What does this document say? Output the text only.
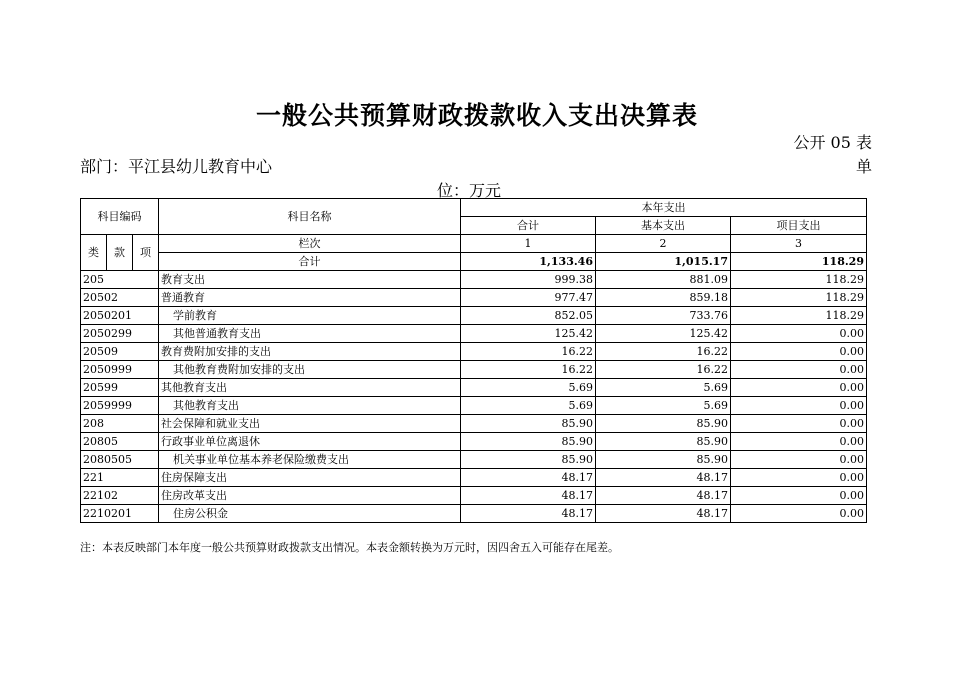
一般公共预算财政拨款收入支出决算表
公开 05 表
部门：平江县幼儿教育中心	单
位：万元
科目编码			科目名称	本年支出		
				合计	基本支出	项目支出
类	款	项	栏次	1	2	3
			合计	1,133.46	1,015.17	118.29
205			教育支出	999.38	881.09	118.29
20502			普通教育	977.47	859.18	118.29
2050201			学前教育	852.05	733.76	118.29
2050299			其他普通教育支出	125.42	125.42	0.00
20509			教育费附加安排的支出	16.22	16.22	0.00
2050999			其他教育费附加安排的支出	16.22	16.22	0.00
20599			其他教育支出	5.69	5.69	0.00
2059999			其他教育支出	5.69	5.69	0.00
208			社会保障和就业支出	85.90	85.90	0.00
20805			行政事业单位离退休	85.90	85.90	0.00
2080505			机关事业单位基本养老保险缴费支出	85.90	85.90	0.00
221			住房保障支出	48.17	48.17	0.00
22102			住房改革支出	48.17	48.17	0.00
2210201			住房公积金	48.17	48.17	0.00
注：本表反映部门本年度一般公共预算财政拨款支出情况。本表金额转换为万元时，因四舍五入可能存在尾差。
